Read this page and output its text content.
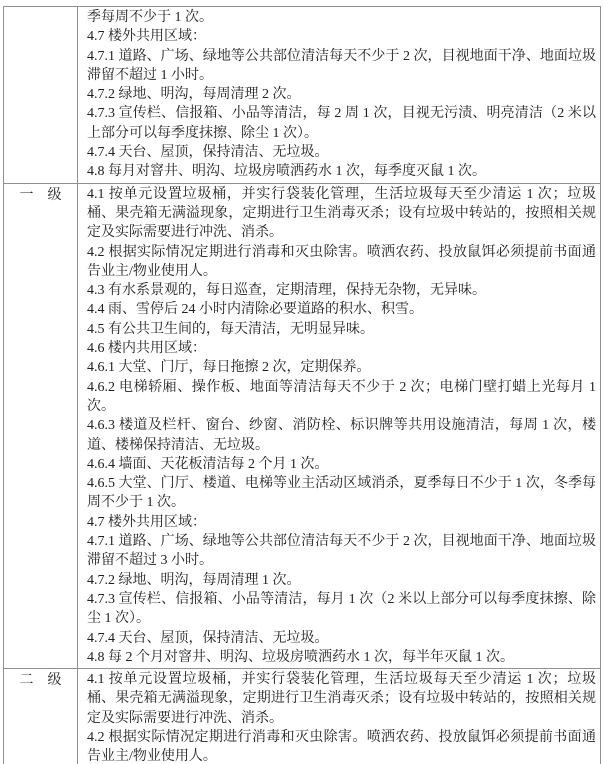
季每周不少于 1 次。

4.7 楼外共用区域：

4.7.1 道路、广场、绿地等公共部位清洁每天不少于 2 次，目视地面干净、地面垃圾滞留不超过 1 小时。

4.7.2 绿地、明沟，每周清理 2 次。

4.7.3 宣传栏、信报箱、小品等清洁，每 2 周 1 次，目视无污渍、明亮清洁（2 米以上部分可以每季度抹擦、除尘 1 次）。

4.7.4 天台、屋顶，保持清洁、无垃圾。

4.8 每月对窨井、明沟、垃圾房喷洒药水 1 次，每季度灭鼠 1 次。

一　级	4.1 按单元设置垃圾桶，并实行袋装化管理，生活垃圾每天至少清运 1 次；垃圾桶、果壳箱无满溢现象，定期进行卫生消毒灭杀；设有垃圾中转站的，按照相关规定及实际需要进行冲洗、消杀。

4.2 根据实际情况定期进行消毒和灭虫除害。喷洒农药、投放鼠饵必须提前书面通告业主/物业使用人。

4.3 有水系景观的，每日巡查，定期清理，保持无杂物，无异味。

4.4 雨、雪停后 24 小时内清除必要道路的积水、积雪。

4.5 有公共卫生间的，每天清洁，无明显异味。

4.6 楼内共用区域：

4.6.1 大堂、门厅，每日拖擦 2 次，定期保养。

4.6.2 电梯轿厢、操作板、地面等清洁每天不少于 2 次；电梯门壁打蜡上光每月 1 次。

4.6.3 楼道及栏杆、窗台、纱窗、消防栓、标识牌等共用设施清洁，每周 1 次，楼道、楼梯保持清洁、无垃圾。

4.6.4 墙面、天花板清洁每 2 个月 1 次。

4.6.5 大堂、门厅、楼道、电梯等业主活动区域消杀，夏季每日不少于 1 次，冬季每周不少于 1 次。

4.7 楼外共用区域：

4.7.1 道路、广场、绿地等公共部位清洁每天不少于 2 次，目视地面干净、地面垃圾滞留不超过 3 小时。

4.7.2 绿地、明沟，每周清理 1 次。

4.7.3 宣传栏、信报箱、小品等清洁，每月 1 次（2 米以上部分可以每季度抹擦、除尘 1 次）。

4.7.4 天台、屋顶，保持清洁、无垃圾。

4.8 每 2 个月对窨井、明沟、垃圾房喷洒药水 1 次，每半年灭鼠 1 次。

二　级	4.1 按单元设置垃圾桶，并实行袋装化管理，生活垃圾每天至少清运 1 次；垃圾桶、果壳箱无满溢现象，定期进行卫生消毒灭杀；设有垃圾中转站的，按照相关规定及实际需要进行冲洗、消杀。

4.2 根据实际情况定期进行消毒和灭虫除害。喷洒农药、投放鼠饵必须提前书面通告业主/物业使用人。
